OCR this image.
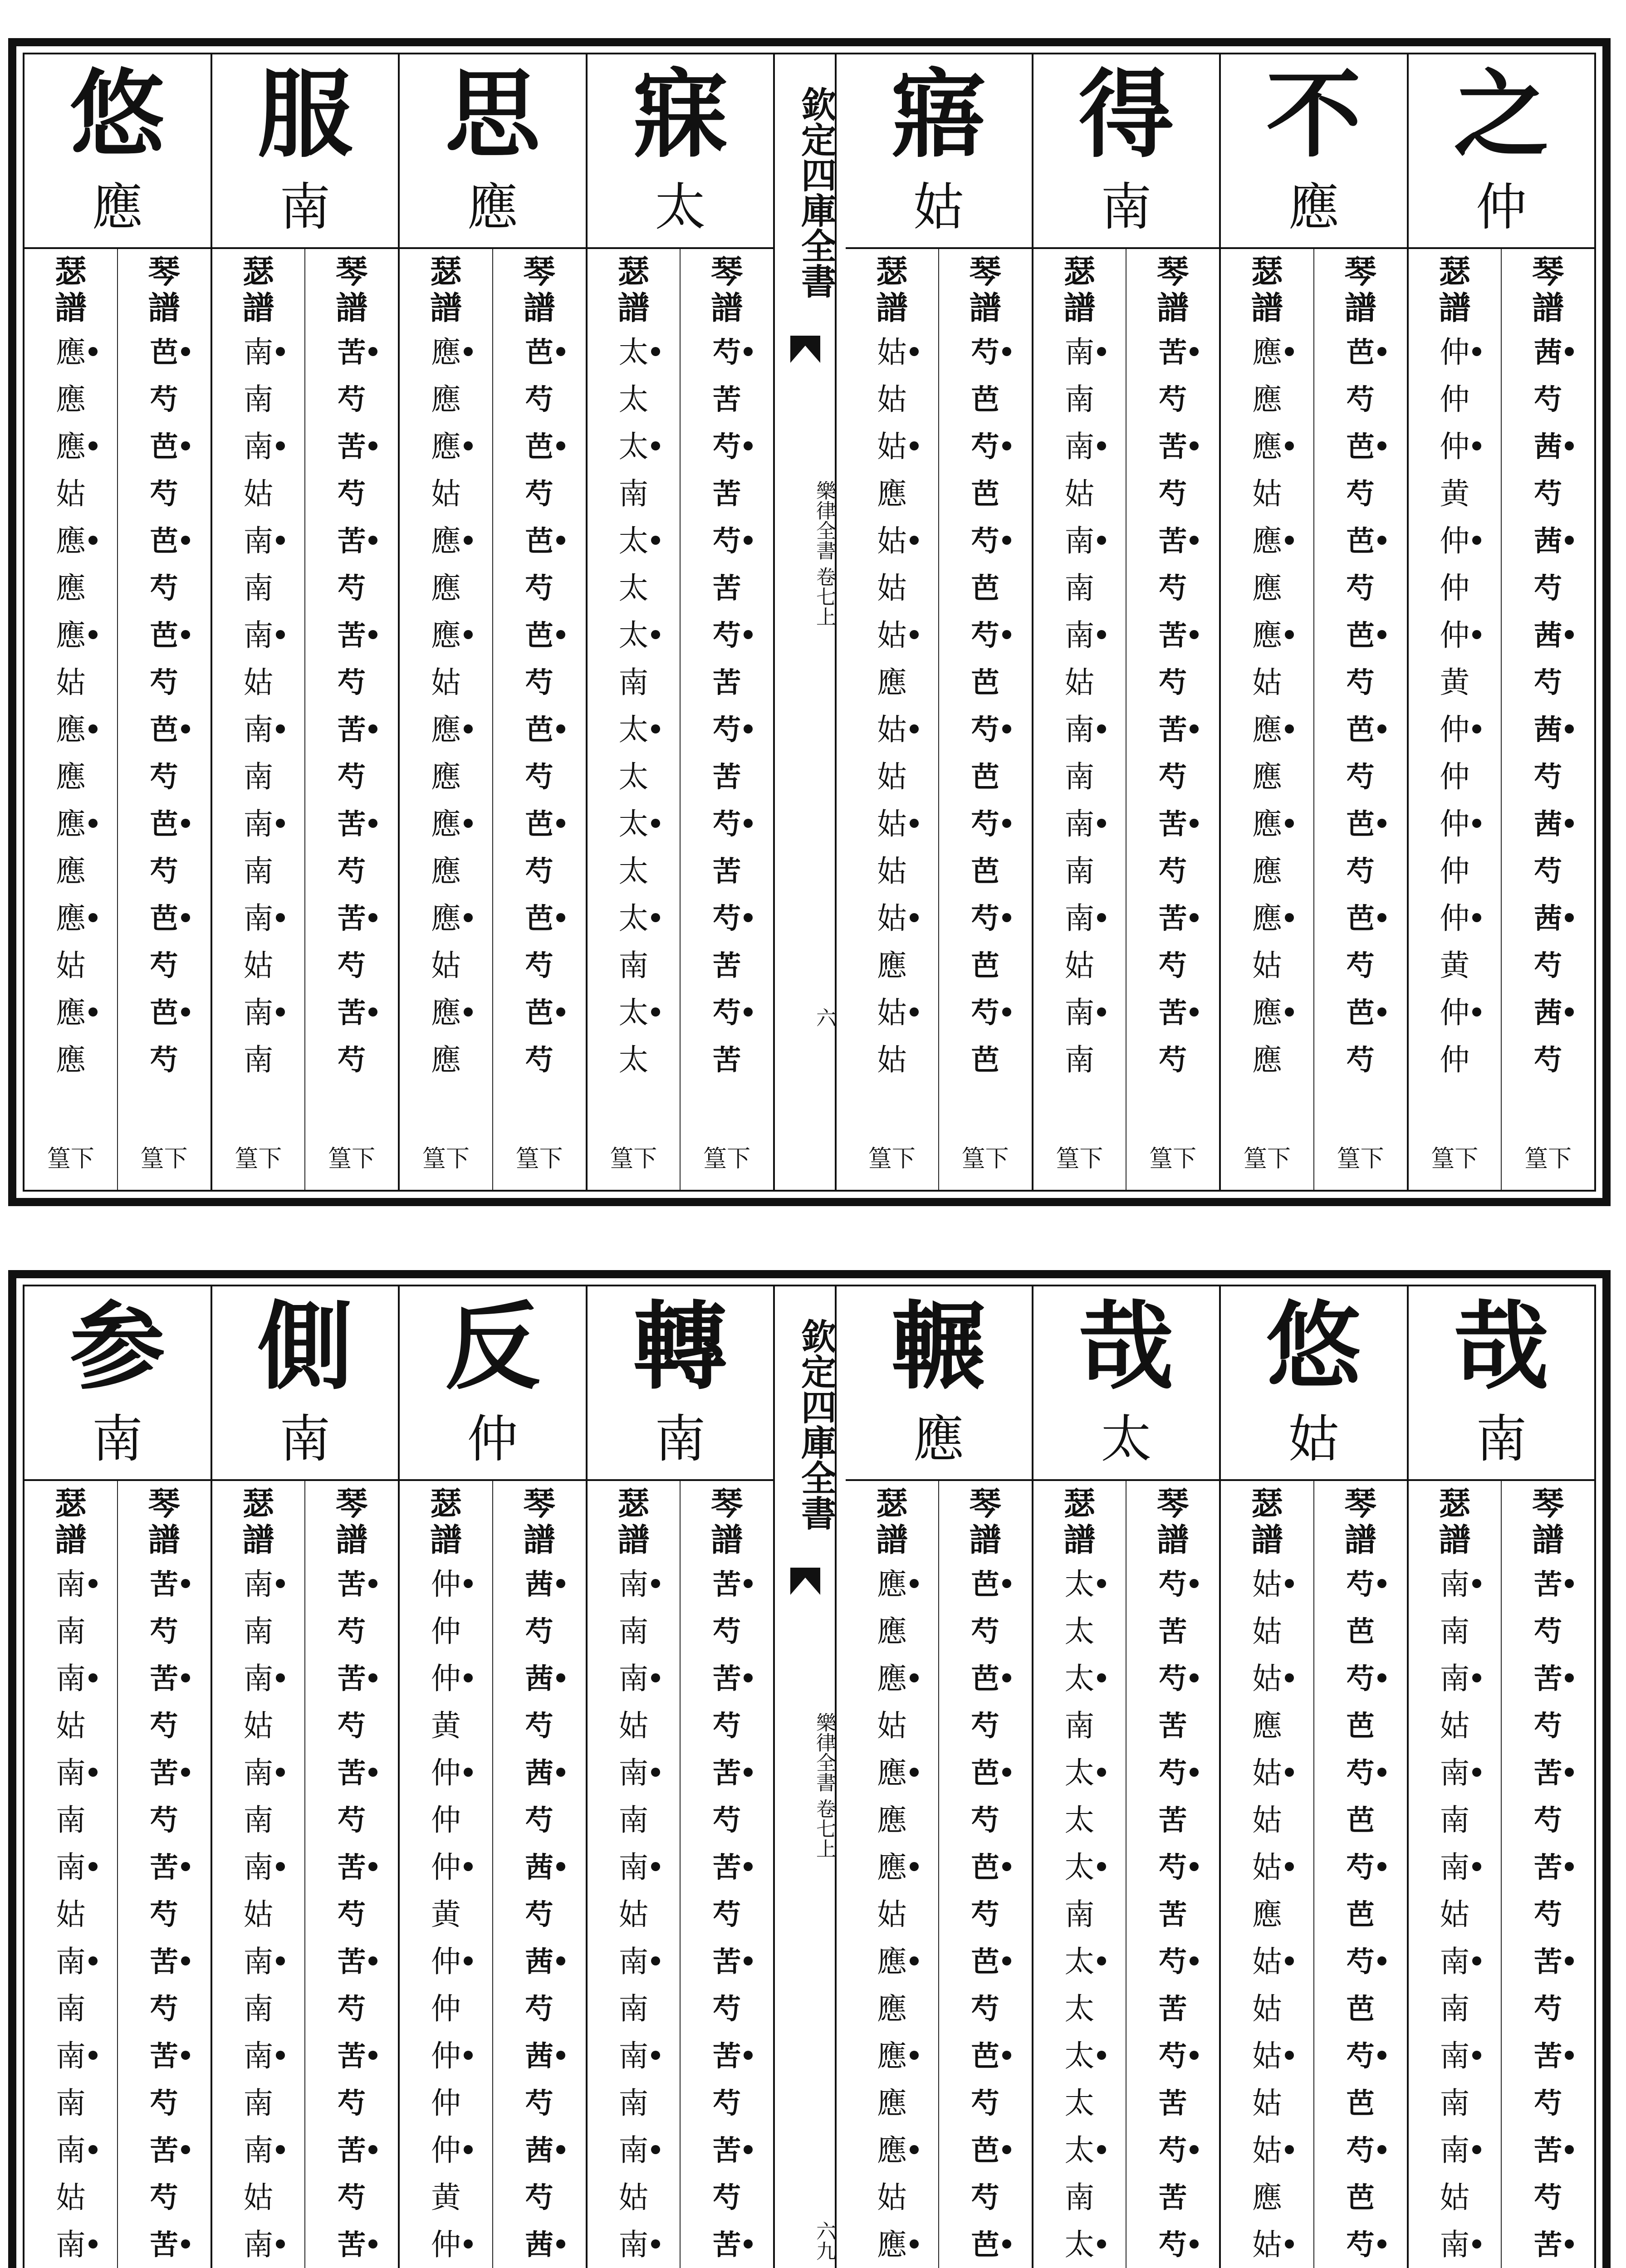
之
仲
琴
譜
茜
芍
茜
芍
茜
芍
茜
芍
茜
芍
茜
芍
茜
芍
茜
芍
篁下
瑟
譜
仲
仲
仲
黄
仲
仲
仲
黄
仲
仲
仲
仲
仲
黄
仲
仲
篁下
不
應
琴
譜
芭
芍
芭
芍
芭
芍
芭
芍
芭
芍
芭
芍
芭
芍
芭
芍
篁下
瑟
譜
應
應
應
姑
應
應
應
姑
應
應
應
應
應
姑
應
應
篁下
得
南
琴
譜
苦
芍
苦
芍
苦
芍
苦
芍
苦
芍
苦
芍
苦
芍
苦
芍
篁下
瑟
譜
南
南
南
姑
南
南
南
姑
南
南
南
南
南
姑
南
南
篁下
寤
姑
琴
譜
芍
芭
芍
芭
芍
芭
芍
芭
芍
芭
芍
芭
芍
芭
芍
芭
篁下
瑟
譜
姑
姑
姑
應
姑
姑
姑
應
姑
姑
姑
姑
姑
應
姑
姑
篁下
欽定四庫全書
樂律全書 卷七上
六
寐
太
琴
譜
芍
苦
芍
苦
芍
苦
芍
苦
芍
苦
芍
苦
芍
苦
芍
苦
篁下
瑟
譜
太
太
太
南
太
太
太
南
太
太
太
太
太
南
太
太
篁下
思
應
琴
譜
芭
芍
芭
芍
芭
芍
芭
芍
芭
芍
芭
芍
芭
芍
芭
芍
篁下
瑟
譜
應
應
應
姑
應
應
應
姑
應
應
應
應
應
姑
應
應
篁下
服
南
琴
譜
苦
芍
苦
芍
苦
芍
苦
芍
苦
芍
苦
芍
苦
芍
苦
芍
篁下
瑟
譜
南
南
南
姑
南
南
南
姑
南
南
南
南
南
姑
南
南
篁下
悠
應
琴
譜
芭
芍
芭
芍
芭
芍
芭
芍
芭
芍
芭
芍
芭
芍
芭
芍
篁下
瑟
譜
應
應
應
姑
應
應
應
姑
應
應
應
應
應
姑
應
應
篁下
哉
南
琴
譜
苦
芍
苦
芍
苦
芍
苦
芍
苦
芍
苦
芍
苦
芍
苦
瑟
譜
南
南
南
姑
南
南
南
姑
南
南
南
南
南
姑
南
悠
姑
琴
譜
芍
芭
芍
芭
芍
芭
芍
芭
芍
芭
芍
芭
芍
芭
芍
瑟
譜
姑
姑
姑
應
姑
姑
姑
應
姑
姑
姑
姑
姑
應
姑
哉
太
琴
譜
芍
苦
芍
苦
芍
苦
芍
苦
芍
苦
芍
苦
芍
苦
芍
瑟
譜
太
太
太
南
太
太
太
南
太
太
太
太
太
南
太
輾
應
琴
譜
芭
芍
芭
芍
芭
芍
芭
芍
芭
芍
芭
芍
芭
芍
芭
瑟
譜
應
應
應
姑
應
應
應
姑
應
應
應
應
應
姑
應
欽定四庫全書
樂律全書 卷七上
六九
轉
南
琴
譜
苦
芍
苦
芍
苦
芍
苦
芍
苦
芍
苦
芍
苦
芍
苦
瑟
譜
南
南
南
姑
南
南
南
姑
南
南
南
南
南
姑
南
反
仲
琴
譜
茜
芍
茜
芍
茜
芍
茜
芍
茜
芍
茜
芍
茜
芍
茜
瑟
譜
仲
仲
仲
黄
仲
仲
仲
黄
仲
仲
仲
仲
仲
黄
仲
側
南
琴
譜
苦
芍
苦
芍
苦
芍
苦
芍
苦
芍
苦
芍
苦
芍
苦
瑟
譜
南
南
南
姑
南
南
南
姑
南
南
南
南
南
姑
南
参
南
琴
譜
苦
芍
苦
芍
苦
芍
苦
芍
苦
芍
苦
芍
苦
芍
苦
瑟
譜
南
南
南
姑
南
南
南
姑
南
南
南
南
南
姑
南
